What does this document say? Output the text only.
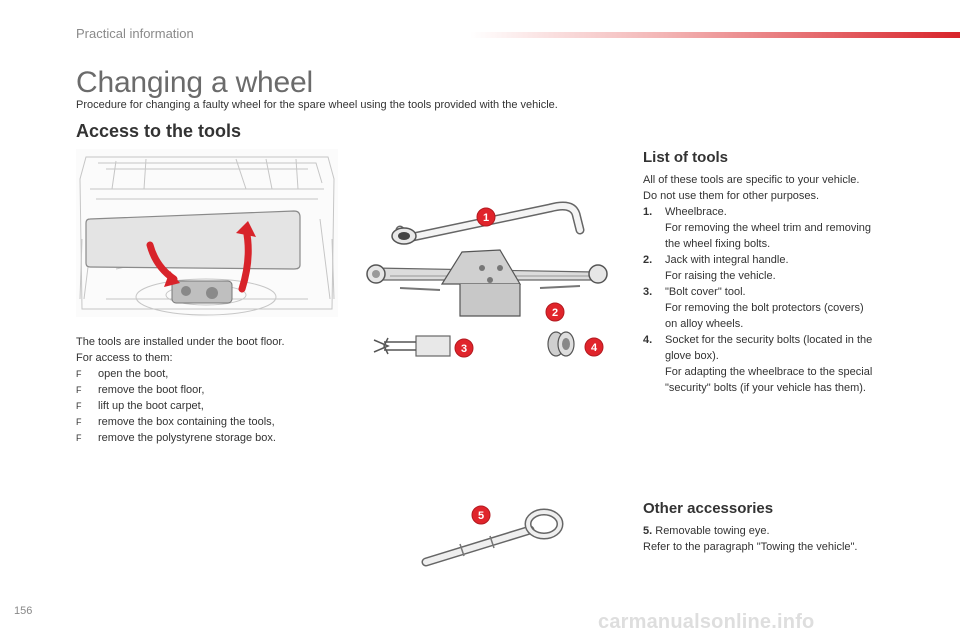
Practical information
Changing a wheel
Procedure for changing a faulty wheel for the spare wheel using the tools provided with the vehicle.
Access to the tools
1
2
3	4
5
The tools are installed under the boot floor.
For access to them:
F	open the boot,
F	remove the boot floor,
F	lift up the boot carpet,
F	remove the box containing the tools,
F	remove the polystyrene storage box.
List of tools
All of these tools are specific to your vehicle.
Do not use them for other purposes.
1.	Wheelbrace.
For removing the wheel trim and removing
the wheel fixing bolts.
2.	Jack with integral handle.
For raising the vehicle.
3.	"Bolt cover" tool.
For removing the bolt protectors (covers)
on alloy wheels.
4.	Socket for the security bolts (located in the
glove box).
For adapting the wheelbrace to the special
"security" bolts (if your vehicle has them).
Other accessories
5. Removable towing eye.
Refer to the paragraph "Towing the vehicle".
156	carmanualsonline.info
